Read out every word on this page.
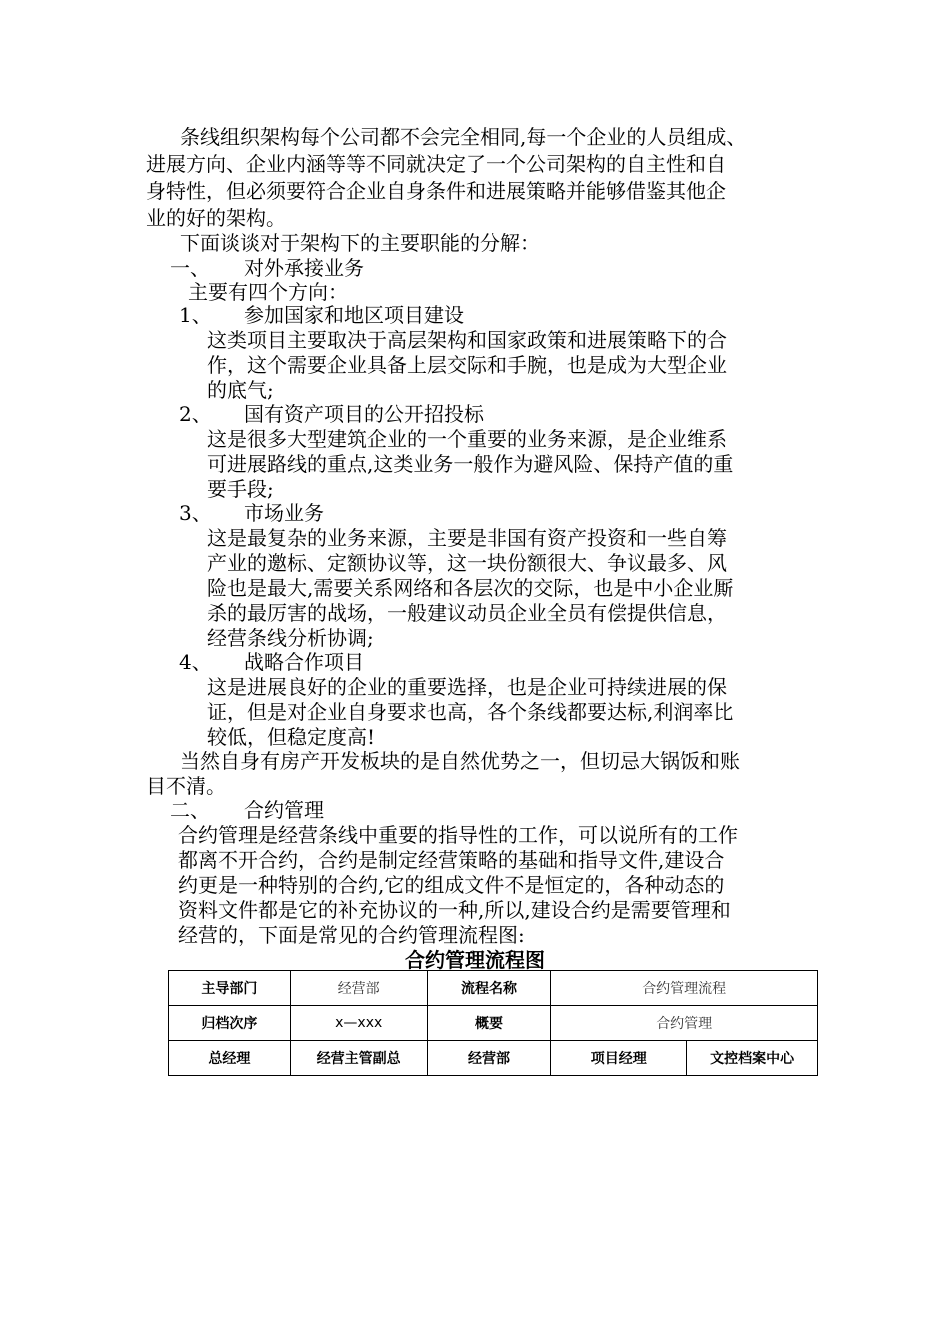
条线组织架构每个公司都不会完全相同,每一个企业的人员组成、
进展方向、企业内涵等等不同就决定了一个公司架构的自主性和自
身特性，但必须要符合企业自身条件和进展策略并能够借鉴其他企
业的好的架构。
下面谈谈对于架构下的主要职能的分解：
一、 对外承接业务
主要有四个方向：
1、 参加国家和地区项目建设
这类项目主要取决于高层架构和国家政策和进展策略下的合
作，这个需要企业具备上层交际和手腕，也是成为大型企业
的底气;
2、 国有资产项目的公开招投标
这是很多大型建筑企业的一个重要的业务来源，是企业维系
可进展路线的重点,这类业务一般作为避风险、保持产值的重
要手段;
3、 市场业务
这是最复杂的业务来源，主要是非国有资产投资和一些自筹
产业的邀标、定额协议等，这一块份额很大、争议最多、风
险也是最大,需要关系网络和各层次的交际，也是中小企业厮
杀的最厉害的战场，一般建议动员企业全员有偿提供信息，
经营条线分析协调;
4、 战略合作项目
这是进展良好的企业的重要选择，也是企业可持续进展的保
证，但是对企业自身要求也高，各个条线都要达标,利润率比
较低，但稳定度高!
当然自身有房产开发板块的是自然优势之一，但切忌大锅饭和账
目不清。
二、 合约管理
合约管理是经营条线中重要的指导性的工作，可以说所有的工作
都离不开合约，合约是制定经营策略的基础和指导文件,建设合
约更是一种特别的合约,它的组成文件不是恒定的，各种动态的
资料文件都是它的补充协议的一种,所以,建设合约是需要管理和
经营的，下面是常见的合约管理流程图:
合约管理流程图
主导部门	经营部	流程名称	合约管理流程	
归档次序	x—xxx	概要	合约管理	
总经理	经营主管副总	经营部	项目经理	文控档案中心
